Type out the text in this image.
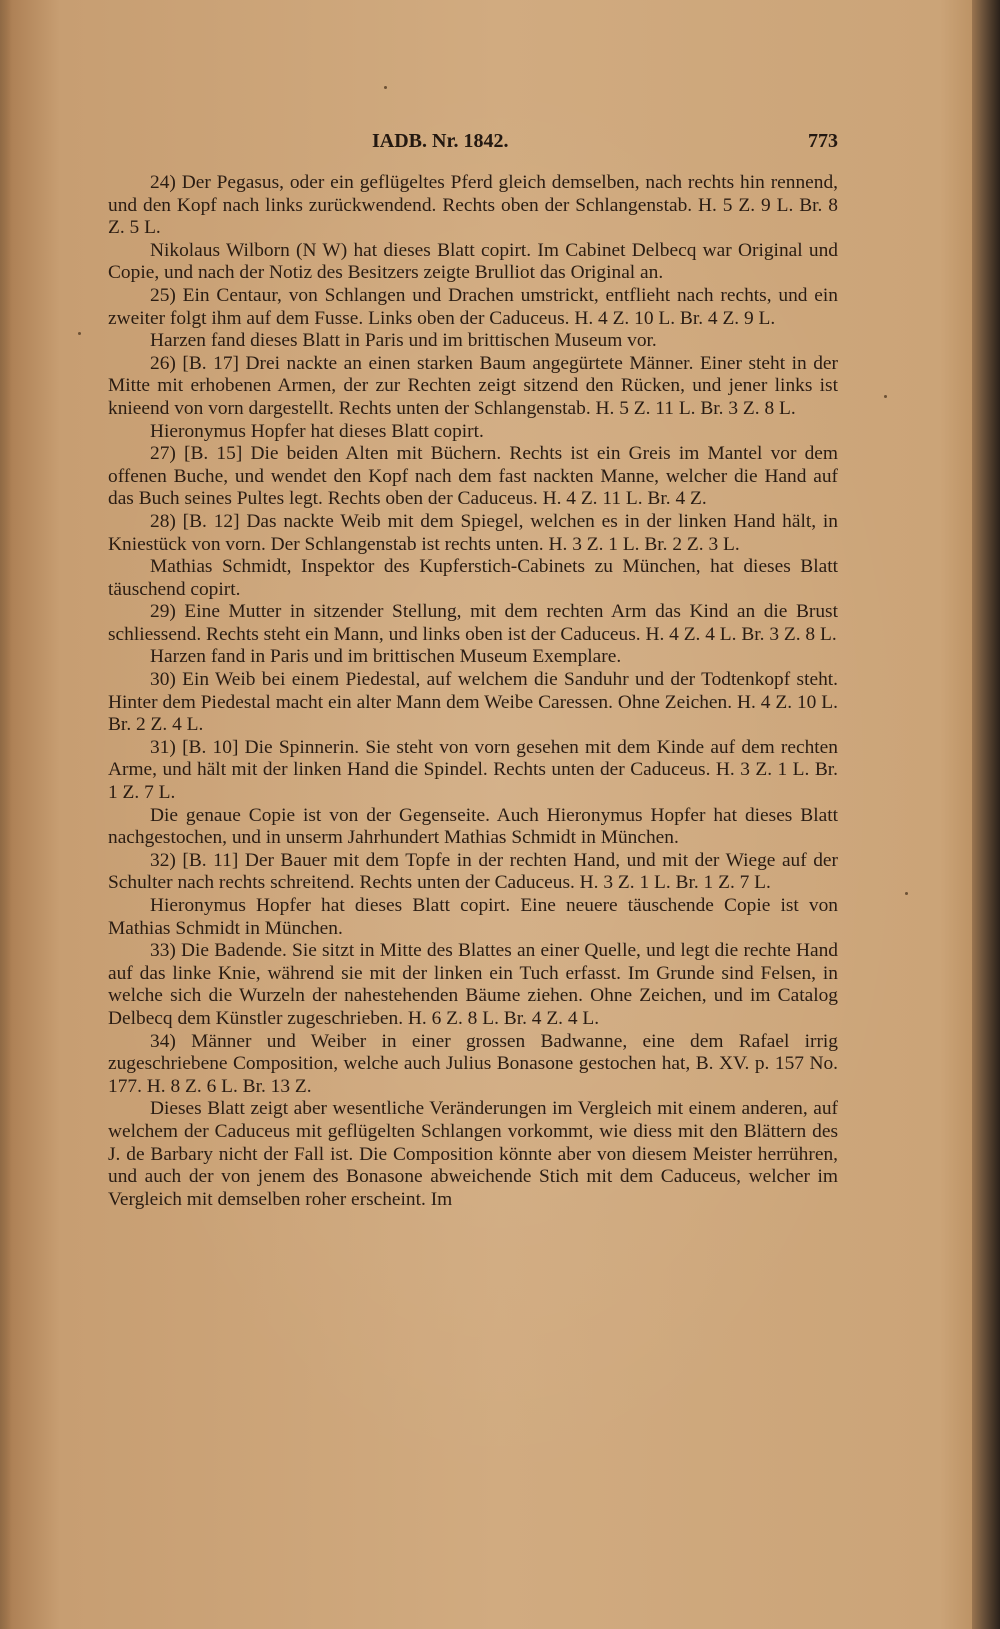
IADB. Nr. 1842.	773

24) Der Pegasus, oder ein geflügeltes Pferd gleich demselben, nach rechts hin rennend, und den Kopf nach links zurückwendend. Rechts oben der Schlangenstab. H. 5 Z. 9 L. Br. 8 Z. 5 L.

Nikolaus Wilborn (N W) hat dieses Blatt copirt. Im Cabinet Delbecq war Original und Copie, und nach der Notiz des Besitzers zeigte Brulliot das Original an.

25) Ein Centaur, von Schlangen und Drachen umstrickt, entflieht nach rechts, und ein zweiter folgt ihm auf dem Fusse. Links oben der Caduceus. H. 4 Z. 10 L. Br. 4 Z. 9 L.

Harzen fand dieses Blatt in Paris und im brittischen Museum vor.

26) [B. 17] Drei nackte an einen starken Baum angegürtete Männer. Einer steht in der Mitte mit erhobenen Armen, der zur Rechten zeigt sitzend den Rücken, und jener links ist knieend von vorn dargestellt. Rechts unten der Schlangenstab. H. 5 Z. 11 L. Br. 3 Z. 8 L.

Hieronymus Hopfer hat dieses Blatt copirt.

27) [B. 15] Die beiden Alten mit Büchern. Rechts ist ein Greis im Mantel vor dem offenen Buche, und wendet den Kopf nach dem fast nackten Manne, welcher die Hand auf das Buch seines Pultes legt. Rechts oben der Caduceus. H. 4 Z. 11 L. Br. 4 Z.

28) [B. 12] Das nackte Weib mit dem Spiegel, welchen es in der linken Hand hält, in Kniestück von vorn. Der Schlangenstab ist rechts unten. H. 3 Z. 1 L. Br. 2 Z. 3 L.

Mathias Schmidt, Inspektor des Kupferstich-Cabinets zu München, hat dieses Blatt täuschend copirt.

29) Eine Mutter in sitzender Stellung, mit dem rechten Arm das Kind an die Brust schliessend. Rechts steht ein Mann, und links oben ist der Caduceus. H. 4 Z. 4 L. Br. 3 Z. 8 L.

Harzen fand in Paris und im brittischen Museum Exemplare.

30) Ein Weib bei einem Piedestal, auf welchem die Sanduhr und der Todtenkopf steht. Hinter dem Piedestal macht ein alter Mann dem Weibe Caressen. Ohne Zeichen. H. 4 Z. 10 L. Br. 2 Z. 4 L.

31) [B. 10] Die Spinnerin. Sie steht von vorn gesehen mit dem Kinde auf dem rechten Arme, und hält mit der linken Hand die Spindel. Rechts unten der Caduceus. H. 3 Z. 1 L. Br. 1 Z. 7 L.

Die genaue Copie ist von der Gegenseite. Auch Hieronymus Hopfer hat dieses Blatt nachgestochen, und in unserm Jahrhundert Mathias Schmidt in München.

32) [B. 11] Der Bauer mit dem Topfe in der rechten Hand, und mit der Wiege auf der Schulter nach rechts schreitend. Rechts unten der Caduceus. H. 3 Z. 1 L. Br. 1 Z. 7 L.

Hieronymus Hopfer hat dieses Blatt copirt. Eine neuere täuschende Copie ist von Mathias Schmidt in München.

33) Die Badende. Sie sitzt in Mitte des Blattes an einer Quelle, und legt die rechte Hand auf das linke Knie, während sie mit der linken ein Tuch erfasst. Im Grunde sind Felsen, in welche sich die Wurzeln der nahestehenden Bäume ziehen. Ohne Zeichen, und im Catalog Delbecq dem Künstler zugeschrieben. H. 6 Z. 8 L. Br. 4 Z. 4 L.

34) Männer und Weiber in einer grossen Badwanne, eine dem Rafael irrig zugeschriebene Composition, welche auch Julius Bonasone gestochen hat, B. XV. p. 157 No. 177. H. 8 Z. 6 L. Br. 13 Z.

Dieses Blatt zeigt aber wesentliche Veränderungen im Vergleich mit einem anderen, auf welchem der Caduceus mit geflügelten Schlangen vorkommt, wie diess mit den Blättern des J. de Barbary nicht der Fall ist. Die Composition könnte aber von diesem Meister herrühren, und auch der von jenem des Bonasone abweichende Stich mit dem Caduceus, welcher im Vergleich mit demselben roher erscheint. Im
